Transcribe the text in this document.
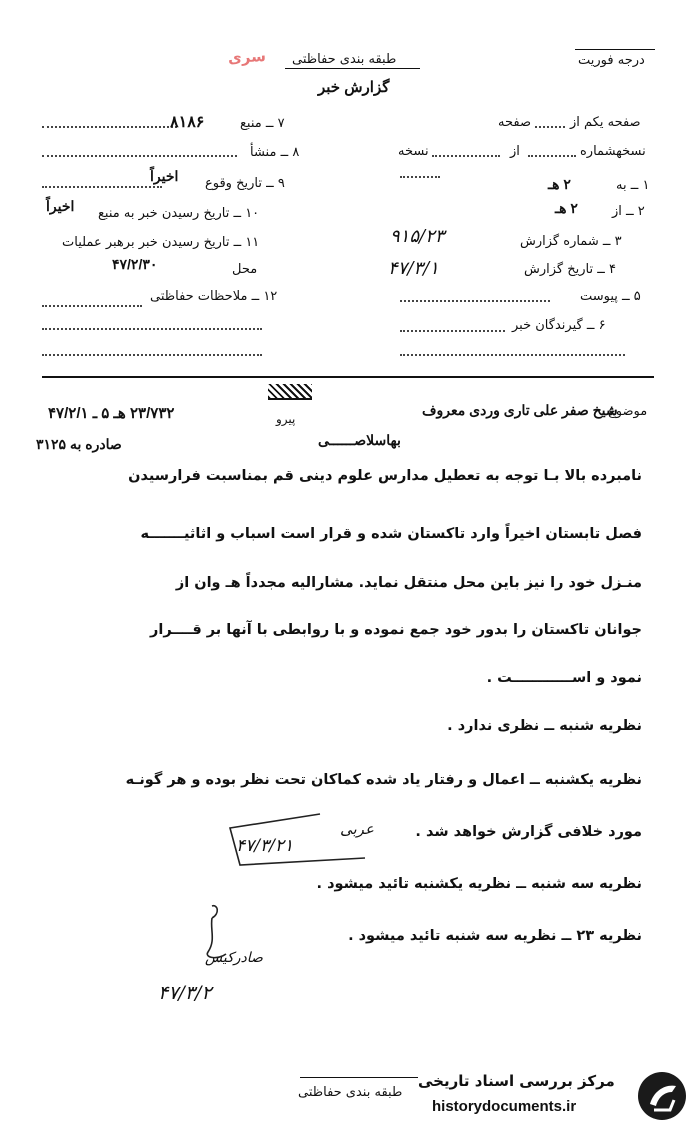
سری طبقه بندی حفاظتی
گزارش خبر
درجه فوریت
۸۱۸۶	۷ ــ منبع
۸ ــ منشأ
اخیراً ۹ ــ تاریخ وقوع
اخیراً ۱۰ ــ تاریخ رسیدن خبر به منبع
۱۱ ــ تاریخ رسیدن خبر برهبر عملیات
۴۷/۲/۳۰	محل
۱۲ ــ ملاحظات حفاظتی
صفحه	صفحه یکم از
نسخه	از	نسخهشماره
۲ هـ	۱ ــ به
۲ هـ	۲ ــ از
۹۱۵/۲۳	۳ ــ شماره گزارش
۴۷/۳/۱	۴ ــ تاریخ گزارش
۵ ــ پیوست
۶ ــ گیرندگان خبر
موضوع
شیخ صفر علی تاری وردی معروف
پیرو
۲۳/۷۳۲ هـ ۵ ـ ۴۷/۲/۱
صادره به ۳۱۲۵	بهاسلاصــــــی
نامبرده بالا بـا توجه به تعطیل مدارس علوم دینی قم بمناسبت فرارسیدن
فصل تابستان اخیراً وارد تاکستان شده و قرار است اسباب و اثاثیـــــــه
منـزل خود را نیز باین محل منتقل نماید. مشارالیه مجدداً هـ وان از
جوانان تاکستان را بدور خود جمع نموده و با روابطی با آنها بر قــــرار
نمود و اســــــــــــت .
نظریه شنبه ــ نظری ندارد .
نظریه یکشنبه ــ اعمال و رفتار یاد شده کماکان تحت نظر بوده و هر گونـه
مورد خلافی گزارش خواهد شد .
نظریه سه شنبه ــ نظریه یکشنبه تائید میشود .
نظریه ۲۳ ــ نظریه سه شنبه تائید میشود .
عربی
۴۷/۳/۲۱
صادرکیس
۴۷/۳/۲
طبقه بندی حفاظتی
مرکز بررسی اسناد تاریخی
historydocuments.ir
